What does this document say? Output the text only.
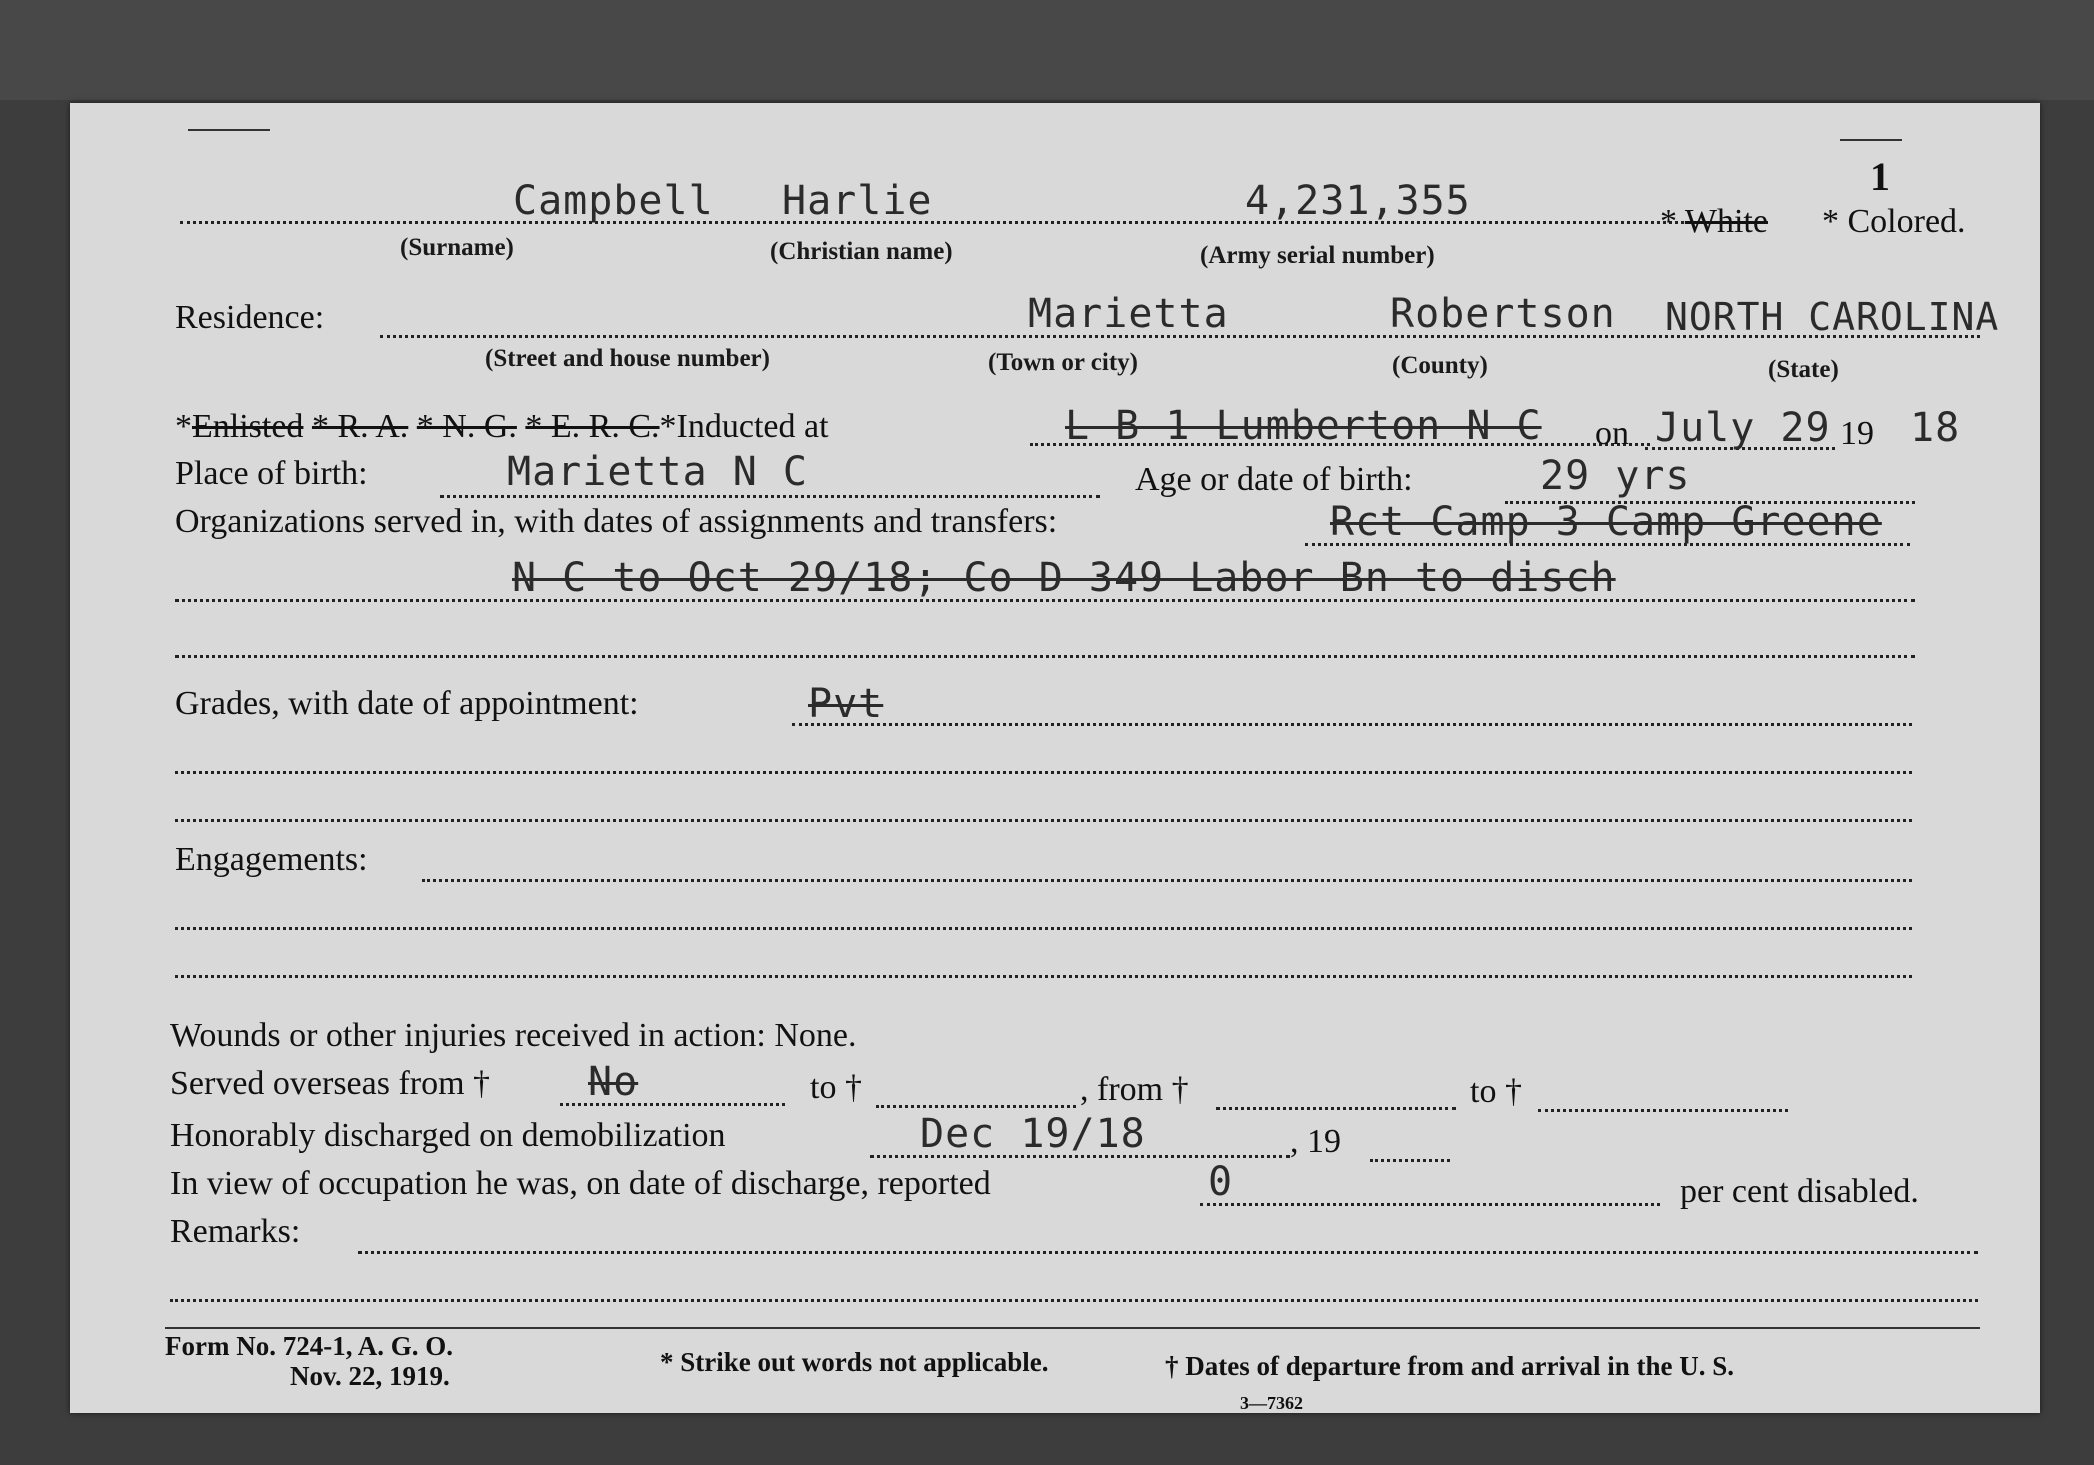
1
Campbell Harlie	4,231,355	* White * Colored.
(Surname)	(Christian name)	(Army serial number)
Residence:	Marietta	Robertson NORTH CAROLINA
(Street and house number)	(Town or city)	(County)	(State)
*Enlisted * R. A. * N. G. * E. R. C.*Inducted at	L B 1 Lumberton N C on July 29 19 18
Place of birth:	Marietta N C	Age or date of birth:	29 yrs
Organizations served in, with dates of assignments and transfers:	Rct Camp 3 Camp Greene
N C to Oct 29/18; Co D 349 Labor Bn to disch
Grades, with date of appointment:	Pvt
Engagements:
Wounds or other injuries received in action: None.
Served overseas from † No	to †	, from †	to †
Honorably discharged on demobilization	Dec 19/18	, 19
In view of occupation he was, on date of discharge, reported	0	per cent disabled.
Remarks:
Form No. 724-1, A. G. O.
Nov. 22, 1919.	* Strike out words not applicable.	† Dates of departure from and arrival in the U. S.
3—7362
